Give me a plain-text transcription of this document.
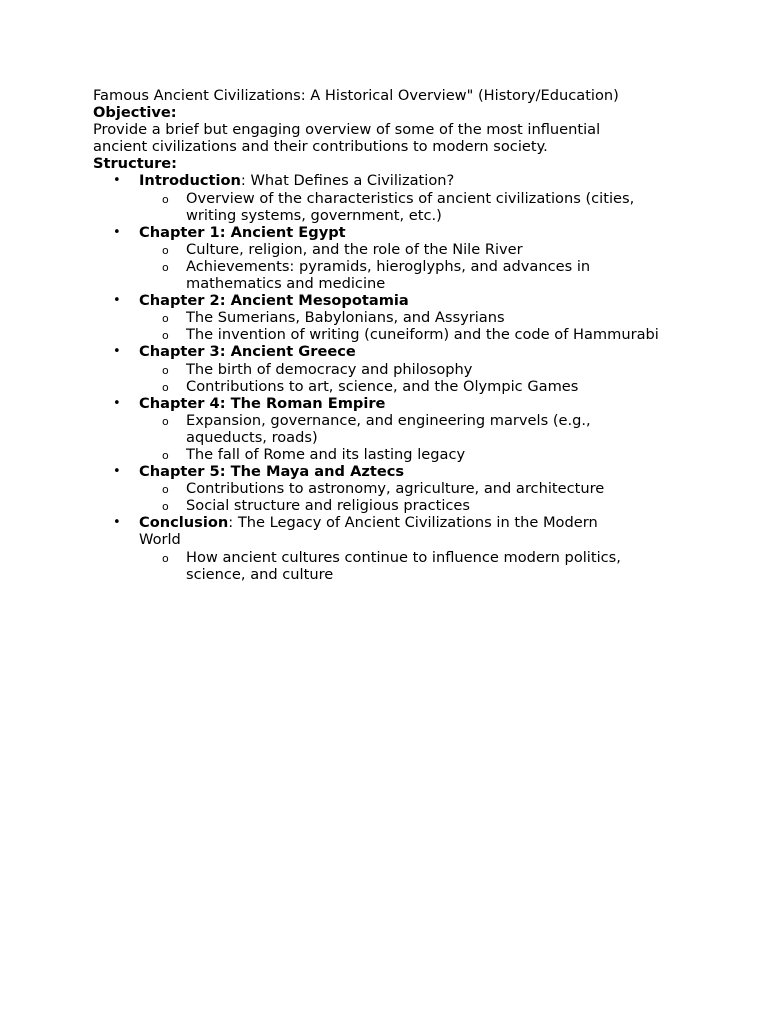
Famous Ancient Civilizations: A Historical Overview" (History/Education)

Objective:

Provide a brief but engaging overview of some of the most influential ancient civilizations and their contributions to modern society.

Structure:

• Introduction: What Defines a Civilization?
o Overview of the characteristics of ancient civilizations (cities, writing systems, government, etc.)
• Chapter 1: Ancient Egypt
o Culture, religion, and the role of the Nile River
o Achievements: pyramids, hieroglyphs, and advances in mathematics and medicine
• Chapter 2: Ancient Mesopotamia
o The Sumerians, Babylonians, and Assyrians
o The invention of writing (cuneiform) and the code of Hammurabi
• Chapter 3: Ancient Greece
o The birth of democracy and philosophy
o Contributions to art, science, and the Olympic Games
• Chapter 4: The Roman Empire
o Expansion, governance, and engineering marvels (e.g., aqueducts, roads)
o The fall of Rome and its lasting legacy
• Chapter 5: The Maya and Aztecs
o Contributions to astronomy, agriculture, and architecture
o Social structure and religious practices
• Conclusion: The Legacy of Ancient Civilizations in the Modern World
o How ancient cultures continue to influence modern politics, science, and culture
